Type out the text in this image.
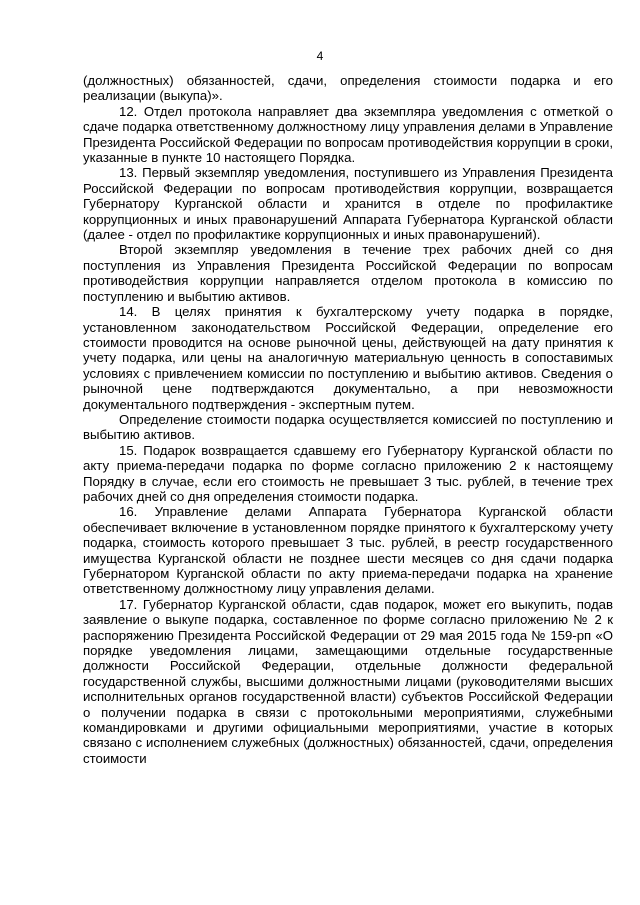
4

(должностных) обязанностей, сдачи, определения стоимости подарка и его реализации (выкупа)».

12. Отдел протокола направляет два экземпляра уведомления с отметкой о сдаче подарка ответственному должностному лицу управления делами в Управление Президента Российской Федерации по вопросам противодействия коррупции в сроки, указанные в пункте 10 настоящего Порядка.

13. Первый экземпляр уведомления, поступившего из Управления Президента Российской Федерации по вопросам противодействия коррупции, возвращается Губернатору Курганской области и хранится в отделе по профилактике коррупционных и иных правонарушений Аппарата Губернатора Курганской области (далее - отдел по профилактике коррупционных и иных правонарушений).

Второй экземпляр уведомления в течение трех рабочих дней со дня поступления из Управления Президента Российской Федерации по вопросам противодействия коррупции направляется отделом протокола в комиссию по поступлению и выбытию активов.

14. В целях принятия к бухгалтерскому учету подарка в порядке, установленном законодательством Российской Федерации, определение его стоимости проводится на основе рыночной цены, действующей на дату принятия к учету подарка, или цены на аналогичную материальную ценность в сопоставимых условиях с привлечением комиссии по поступлению и выбытию активов. Сведения о рыночной цене подтверждаются документально, а при невозможности документального подтверждения - экспертным путем.

Определение стоимости подарка осуществляется комиссией по поступлению и выбытию активов.

15. Подарок возвращается сдавшему его Губернатору Курганской области по акту приема-передачи подарка по форме согласно приложению 2 к настоящему Порядку в случае, если его стоимость не превышает 3 тыс. рублей, в течение трех рабочих дней со дня определения стоимости подарка.

16. Управление делами Аппарата Губернатора Курганской области обеспечивает включение в установленном порядке принятого к бухгалтерскому учету подарка, стоимость которого превышает 3 тыс. рублей, в реестр государственного имущества Курганской области не позднее шести месяцев со дня сдачи подарка Губернатором Курганской области по акту приема-передачи подарка на хранение ответственному должностному лицу управления делами.

17. Губернатор Курганской области, сдав подарок, может его выкупить, подав заявление о выкупе подарка, составленное по форме согласно приложению № 2 к распоряжению Президента Российской Федерации от 29 мая 2015 года № 159-рп «О порядке уведомления лицами, замещающими отдельные государственные должности Российской Федерации, отдельные должности федеральной государственной службы, высшими должностными лицами (руководителями высших исполнительных органов государственной власти) субъектов Российской Федерации о получении подарка в связи с протокольными мероприятиями, служебными командировками и другими официальными мероприятиями, участие в которых связано с исполнением служебных (должностных) обязанностей, сдачи, определения стоимости
